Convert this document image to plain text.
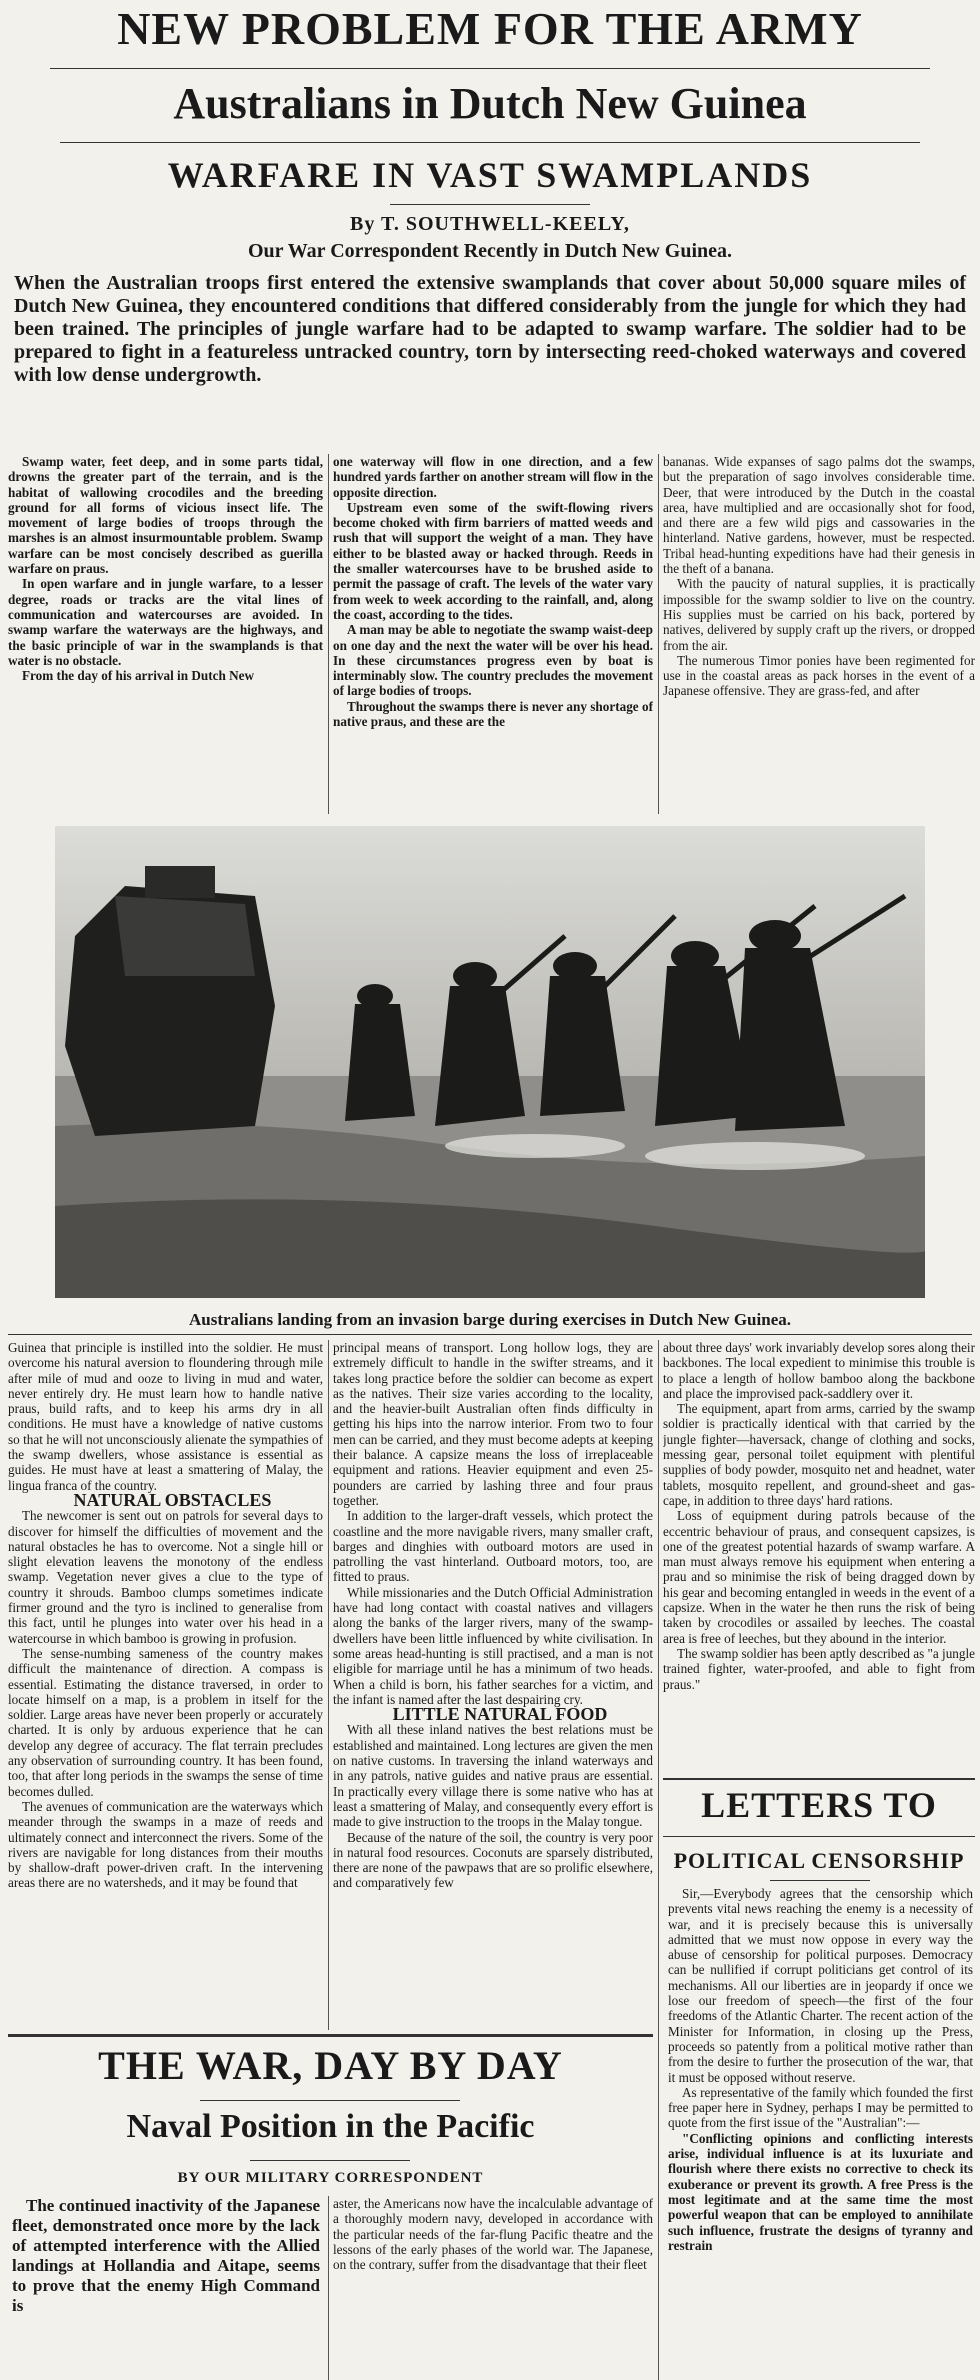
NEW PROBLEM FOR THE ARMY
Australians in Dutch New Guinea
WARFARE IN VAST SWAMPLANDS
By T. SOUTHWELL-KEELY,
Our War Correspondent Recently in Dutch New Guinea.
When the Australian troops first entered the extensive swamplands that cover about 50,000 square miles of Dutch New Guinea, they encountered conditions that differed considerably from the jungle for which they had been trained. The principles of jungle warfare had to be adapted to swamp warfare. The soldier had to be prepared to fight in a featureless untracked country, torn by intersecting reed-choked waterways and covered with low dense undergrowth.

Swamp water, feet deep, and in some parts tidal, drowns the greater part of the terrain, and is the habitat of wallowing crocodiles and the breeding ground for all forms of vicious insect life. The movement of large bodies of troops through the marshes is an almost insurmountable problem. Swamp warfare can be most concisely described as guerilla warfare on praus.

In open warfare and in jungle warfare, to a lesser degree, roads or tracks are the vital lines of communication and watercourses are avoided. In swamp warfare the waterways are the highways, and the basic principle of war in the swamplands is that water is no obstacle.

From the day of his arrival in Dutch New

one waterway will flow in one direction, and a few hundred yards farther on another stream will flow in the opposite direction.

Upstream even some of the swift-flowing rivers become choked with firm barriers of matted weeds and rush that will support the weight of a man. They have either to be blasted away or hacked through. Reeds in the smaller watercourses have to be brushed aside to permit the passage of craft. The levels of the water vary from week to week according to the rainfall, and, along the coast, according to the tides.

A man may be able to negotiate the swamp waist-deep on one day and the next the water will be over his head. In these circumstances progress even by boat is interminably slow. The country precludes the movement of large bodies of troops.

Throughout the swamps there is never any shortage of native praus, and these are the

bananas. Wide expanses of sago palms dot the swamps, but the preparation of sago involves considerable time. Deer, that were introduced by the Dutch in the coastal area, have multiplied and are occasionally shot for food, and there are a few wild pigs and cassowaries in the hinterland. Native gardens, however, must be respected. Tribal head-hunting expeditions have had their genesis in the theft of a banana.

With the paucity of natural supplies, it is practically impossible for the swamp soldier to live on the country. His supplies must be carried on his back, portered by natives, delivered by supply craft up the rivers, or dropped from the air.

The numerous Timor ponies have been regimented for use in the coastal areas as pack horses in the event of a Japanese offensive. They are grass-fed, and after

Australians landing from an invasion barge during exercises in Dutch New Guinea.

Guinea that principle is instilled into the soldier. He must overcome his natural aversion to floundering through mile after mile of mud and ooze to living in mud and water, never entirely dry. He must learn how to handle native praus, build rafts, and to keep his arms dry in all conditions. He must have a knowledge of native customs so that he will not unconsciously alienate the sympathies of the swamp dwellers, whose assistance is essential as guides. He must have at least a smattering of Malay, the lingua franca of the country.

NATURAL OBSTACLES

The newcomer is sent out on patrols for several days to discover for himself the difficulties of movement and the natural obstacles he has to overcome. Not a single hill or slight elevation leavens the monotony of the endless swamp. Vegetation never gives a clue to the type of country it shrouds. Bamboo clumps sometimes indicate firmer ground and the tyro is inclined to generalise from this fact, until he plunges into water over his head in a watercourse in which bamboo is growing in profusion.

The sense-numbing sameness of the country makes difficult the maintenance of direction. A compass is essential. Estimating the distance traversed, in order to locate himself on a map, is a problem in itself for the soldier. Large areas have never been properly or accurately charted. It is only by arduous experience that he can develop any degree of accuracy. The flat terrain precludes any observation of surrounding country. It has been found, too, that after long periods in the swamps the sense of time becomes dulled.

The avenues of communication are the waterways which meander through the swamps in a maze of reeds and ultimately connect and interconnect the rivers. Some of the rivers are navigable for long distances from their mouths by shallow-draft power-driven craft. In the intervening areas there are no watersheds, and it may be found that

principal means of transport. Long hollow logs, they are extremely difficult to handle in the swifter streams, and it takes long practice before the soldier can become as expert as the natives. Their size varies according to the locality, and the heavier-built Australian often finds difficulty in getting his hips into the narrow interior. From two to four men can be carried, and they must become adepts at keeping their balance. A capsize means the loss of irreplaceable equipment and rations. Heavier equipment and even 25-pounders are carried by lashing three and four praus together.

In addition to the larger-draft vessels, which protect the coastline and the more navigable rivers, many smaller craft, barges and dinghies with outboard motors are used in patrolling the vast hinterland. Outboard motors, too, are fitted to praus.

While missionaries and the Dutch Official Administration have had long contact with coastal natives and villagers along the banks of the larger rivers, many of the swamp-dwellers have been little influenced by white civilisation. In some areas head-hunting is still practised, and a man is not eligible for marriage until he has a minimum of two heads. When a child is born, his father searches for a victim, and the infant is named after the last despairing cry.

LITTLE NATURAL FOOD

With all these inland natives the best relations must be established and maintained. Long lectures are given the men on native customs. In traversing the inland waterways and in any patrols, native guides and native praus are essential. In practically every village there is some native who has at least a smattering of Malay, and consequently every effort is made to give instruction to the troops in the Malay tongue.

Because of the nature of the soil, the country is very poor in natural food resources. Coconuts are sparsely distributed, there are none of the pawpaws that are so prolific elsewhere, and comparatively few

about three days' work invariably develop sores along their backbones. The local expedient to minimise this trouble is to place a length of hollow bamboo along the backbone and place the improvised pack-saddlery over it.

The equipment, apart from arms, carried by the swamp soldier is practically identical with that carried by the jungle fighter—haversack, change of clothing and socks, messing gear, personal toilet equipment with plentiful supplies of body powder, mosquito net and headnet, water tablets, mosquito repellent, and ground-sheet and gas-cape, in addition to three days' hard rations.

Loss of equipment during patrols because of the eccentric behaviour of praus, and consequent capsizes, is one of the greatest potential hazards of swamp warfare. A man must always remove his equipment when entering a prau and so minimise the risk of being dragged down by his gear and becoming entangled in weeds in the event of a capsize. When in the water he then runs the risk of being taken by crocodiles or assailed by leeches. The coastal area is free of leeches, but they abound in the interior.

The swamp soldier has been aptly described as "a jungle trained fighter, water-proofed, and able to fight from praus."

LETTERS TO
POLITICAL CENSORSHIP

Sir,—Everybody agrees that the censorship which prevents vital news reaching the enemy is a necessity of war, and it is precisely because this is universally admitted that we must now oppose in every way the abuse of censorship for political purposes. Democracy can be nullified if corrupt politicians get control of its mechanisms. All our liberties are in jeopardy if once we lose our freedom of speech—the first of the four freedoms of the Atlantic Charter. The recent action of the Minister for Information, in closing up the Press, proceeds so patently from a political motive rather than from the desire to further the prosecution of the war, that it must be opposed without reserve.

As representative of the family which founded the first free paper here in Sydney, perhaps I may be permitted to quote from the first issue of the "Australian":—

"Conflicting opinions and conflicting interests arise, individual influence is at its luxuriate and flourish where there exists no corrective to check its exuberance or prevent its growth. A free Press is the most legitimate and at the same time the most powerful weapon that can be employed to annihilate such influence, frustrate the designs of tyranny and restrain

THE WAR, DAY BY DAY
Naval Position in the Pacific
BY OUR MILITARY CORRESPONDENT

The continued inactivity of the Japanese fleet, demonstrated once more by the lack of attempted interference with the Allied landings at Hollandia and Aitape, seems to prove that the enemy High Command is

aster, the Americans now have the incalculable advantage of a thoroughly modern navy, developed in accordance with the particular needs of the far-flung Pacific theatre and the lessons of the early phases of the world war. The Japanese, on the contrary, suffer from the disadvantage that their fleet
